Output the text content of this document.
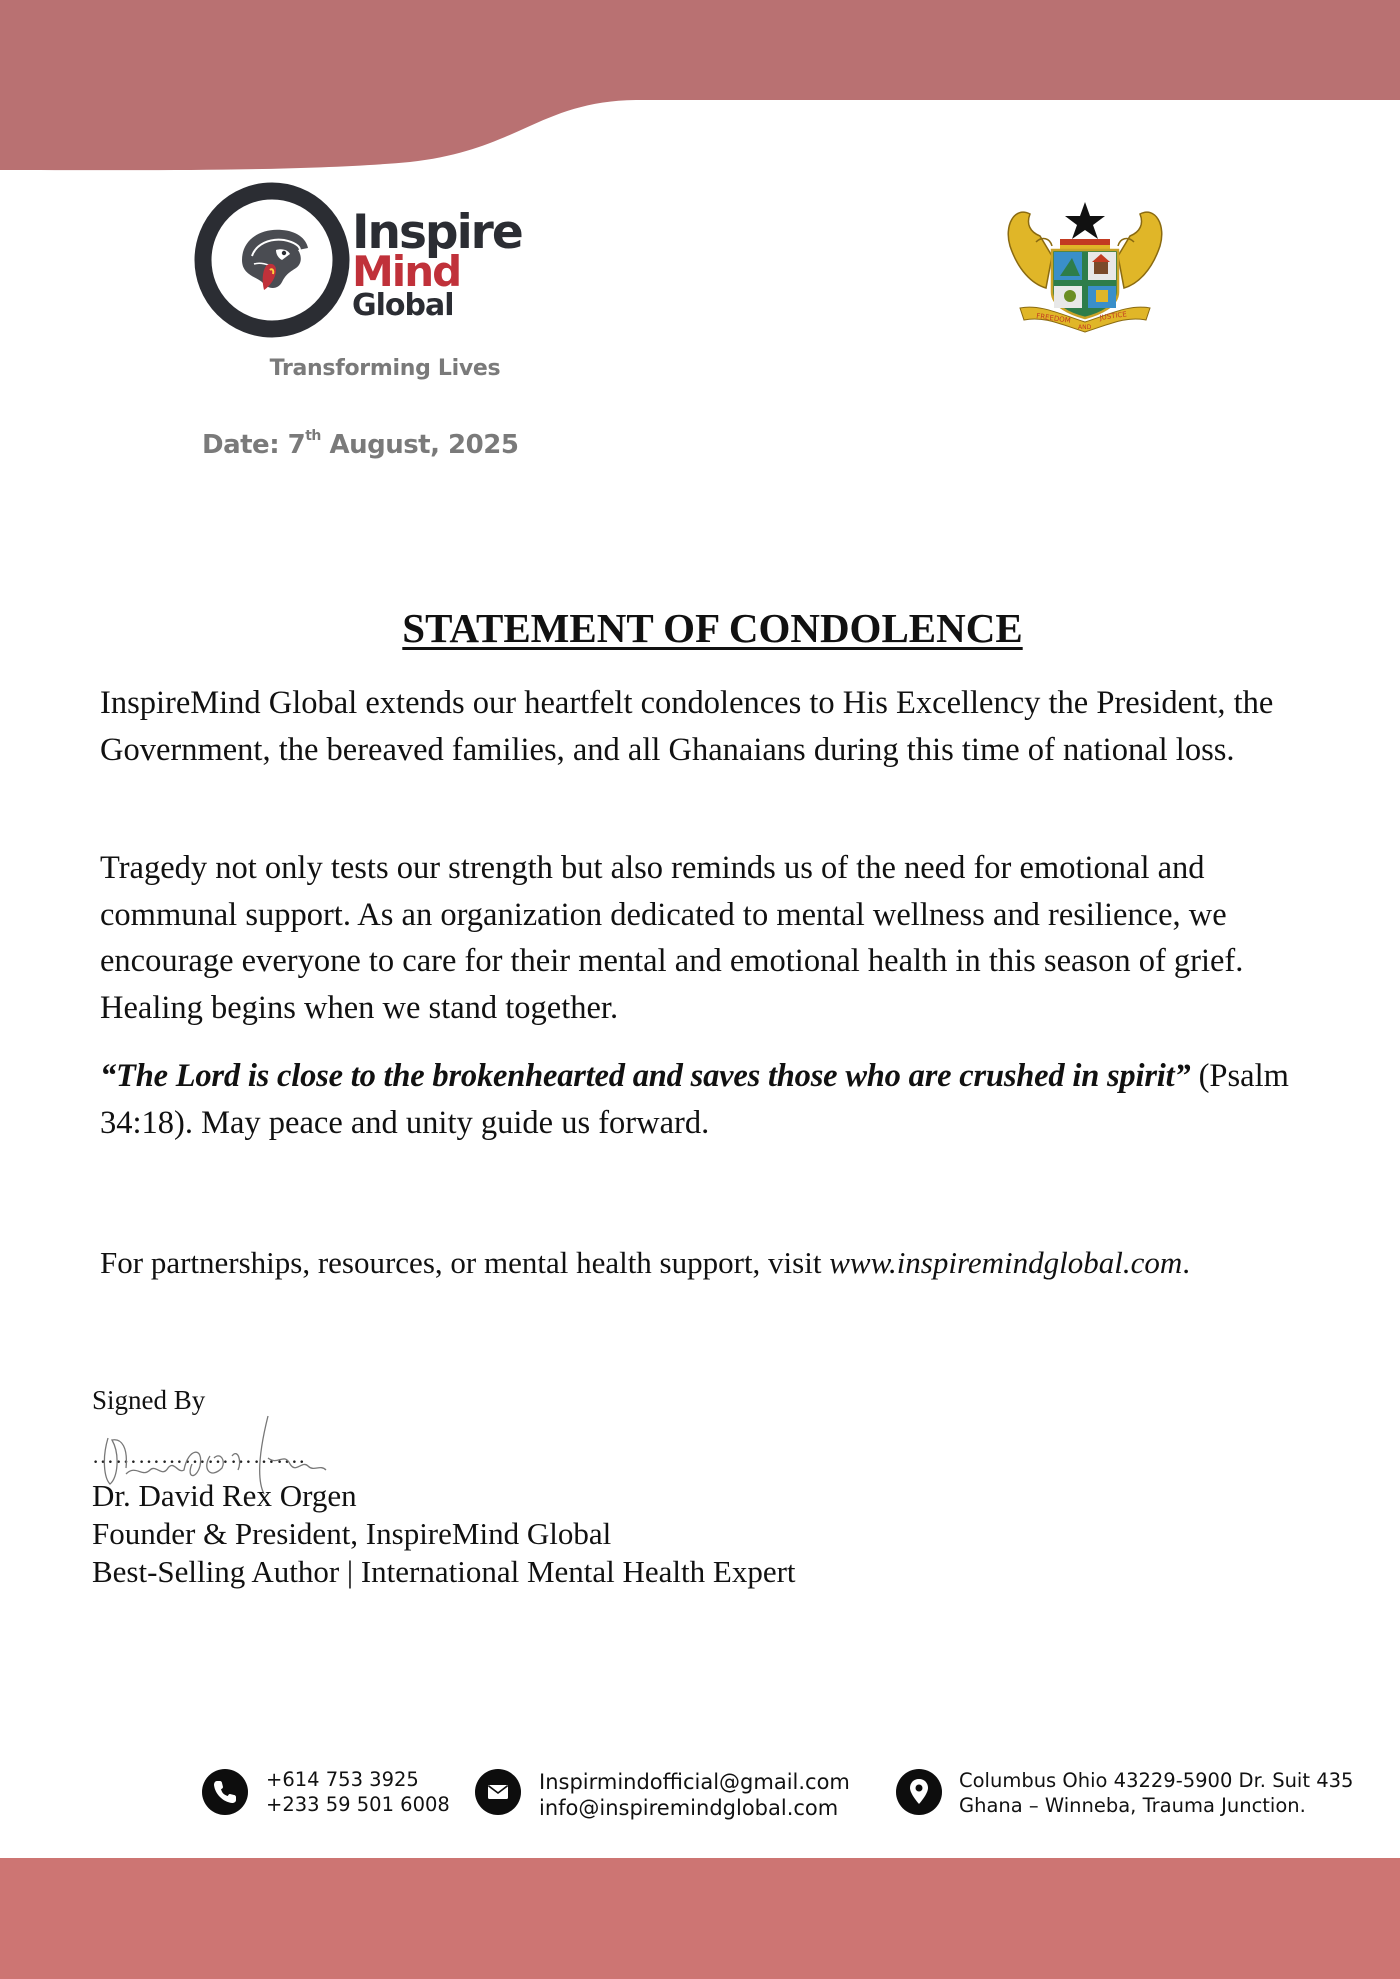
Inspire
Mind
Global
Transforming Lives
Date: 7th August, 2025
FREEDOM
AND
JUSTICE
STATEMENT OF CONDOLENCE

InspireMind Global extends our heartfelt condolences to His Excellency the President, the Government, the bereaved families, and all Ghanaians during this time of national loss.

Tragedy not only tests our strength but also reminds us of the need for emotional and communal support. As an organization dedicated to mental wellness and resilience, we encourage everyone to care for their mental and emotional health in this season of grief. Healing begins when we stand together.

“The Lord is close to the brokenhearted and saves those who are crushed in spirit” (Psalm 34:18). May peace and unity guide us forward.

For partnerships, resources, or mental health support, visit www.inspiremindglobal.com.

Signed By
……………………….
Dr. David Rex Orgen
Founder & President, InspireMind Global
Best-Selling Author | International Mental Health Expert
+614 753 3925
+233 59 501 6008
Inspirmindofficial@gmail.com
info@inspiremindglobal.com
Columbus Ohio 43229-5900 Dr. Suit 435
Ghana – Winneba, Trauma Junction.
